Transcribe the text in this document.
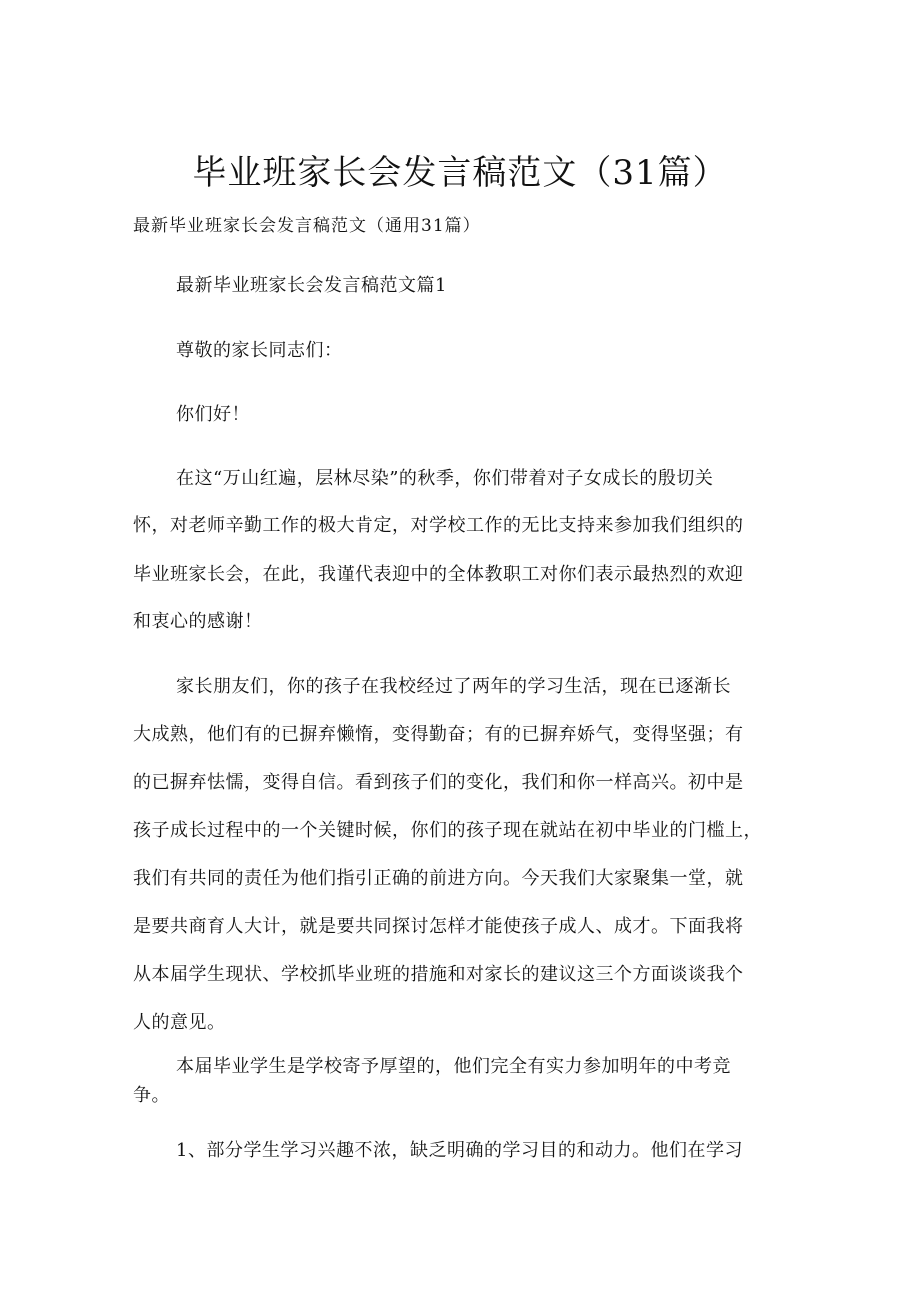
毕业班家长会发言稿范文（31篇）
最新毕业班家长会发言稿范文（通用31篇）
最新毕业班家长会发言稿范文篇1
尊敬的家长同志们：
你们好！
在这“万山红遍，层林尽染”的秋季，你们带着对子女成长的殷切关
怀，对老师辛勤工作的极大肯定，对学校工作的无比支持来参加我们组织的
毕业班家长会，在此，我谨代表迎中的全体教职工对你们表示最热烈的欢迎
和衷心的感谢！
家长朋友们，你的孩子在我校经过了两年的学习生活，现在已逐渐长
大成熟，他们有的已摒弃懒惰，变得勤奋；有的已摒弃娇气，变得坚强；有
的已摒弃怯懦，变得自信。看到孩子们的变化，我们和你一样高兴。初中是
孩子成长过程中的一个关键时候，你们的孩子现在就站在初中毕业的门槛上，
我们有共同的责任为他们指引正确的前进方向。今天我们大家聚集一堂，就
是要共商育人大计，就是要共同探讨怎样才能使孩子成人、成才。下面我将
从本届学生现状、学校抓毕业班的措施和对家长的建议这三个方面谈谈我个
人的意见。
本届毕业学生是学校寄予厚望的，他们完全有实力参加明年的中考竞
争。
1、部分学生学习兴趣不浓，缺乏明确的学习目的和动力。他们在学习
